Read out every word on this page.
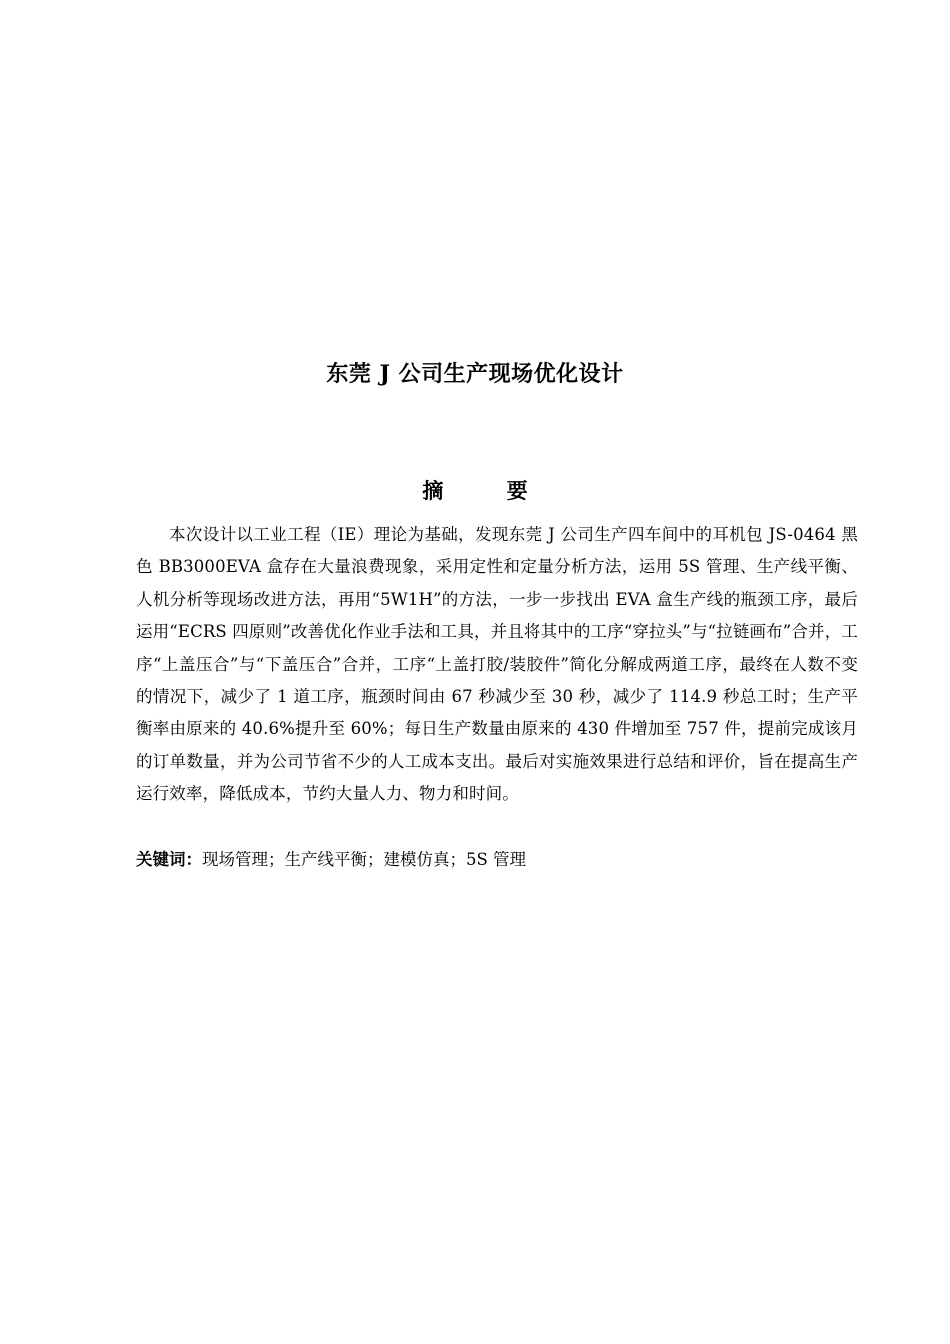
东莞 J 公司生产现场优化设计
摘 要

本次设计以工业工程（IE）理论为基础，发现东莞 J 公司生产四车间中的耳机包 JS-0464 黑色 BB3000EVA 盒存在大量浪费现象，采用定性和定量分析方法，运用 5S 管理、生产线平衡、人机分析等现场改进方法，再用“5W1H”的方法，一步一步找出 EVA 盒生产线的瓶颈工序，最后运用“ECRS 四原则”改善优化作业手法和工具，并且将其中的工序“穿拉头”与“拉链画布”合并，工序“上盖压合”与“下盖压合”合并，工序“上盖打胶/装胶件”简化分解成两道工序，最终在人数不变的情况下，减少了 1 道工序，瓶颈时间由 67 秒减少至 30 秒，减少了 114.9 秒总工时；生产平衡率由原来的 40.6%提升至 60%；每日生产数量由原来的 430 件增加至 757 件，提前完成该月的订单数量，并为公司节省不少的人工成本支出。最后对实施效果进行总结和评价，旨在提高生产运行效率，降低成本，节约大量人力、物力和时间。

关键词：现场管理；生产线平衡；建模仿真；5S 管理
